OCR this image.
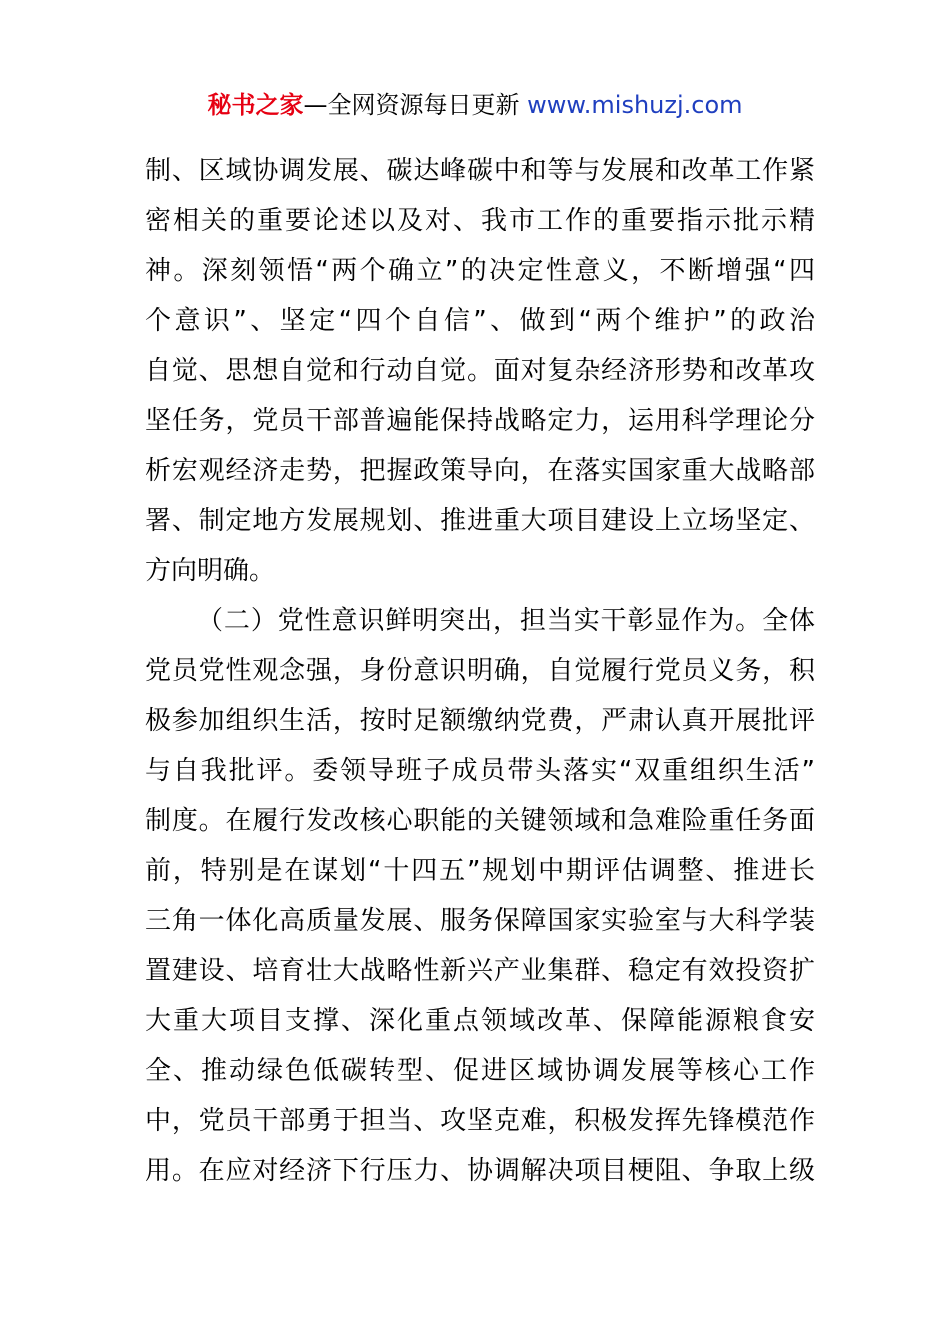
秘书之家—全网资源每日更新 www.mishuzj.com
制、区域协调发展、碳达峰碳中和等与发展和改革工作紧
密相关的重要论述以及对、我市工作的重要指示批示精
神。深刻领悟“两个确立”的决定性意义，不断增强“四
个意识”、坚定“四个自信”、做到“两个维护”的政治
自觉、思想自觉和行动自觉。面对复杂经济形势和改革攻
坚任务，党员干部普遍能保持战略定力，运用科学理论分
析宏观经济走势，把握政策导向，在落实国家重大战略部
署、制定地方发展规划、推进重大项目建设上立场坚定、
方向明确。
（二）党性意识鲜明突出，担当实干彰显作为。全体
党员党性观念强，身份意识明确，自觉履行党员义务，积
极参加组织生活，按时足额缴纳党费，严肃认真开展批评
与自我批评。委领导班子成员带头落实“双重组织生活”
制度。在履行发改核心职能的关键领域和急难险重任务面
前，特别是在谋划“十四五”规划中期评估调整、推进长
三角一体化高质量发展、服务保障国家实验室与大科学装
置建设、培育壮大战略性新兴产业集群、稳定有效投资扩
大重大项目支撑、深化重点领域改革、保障能源粮食安
全、推动绿色低碳转型、促进区域协调发展等核心工作
中，党员干部勇于担当、攻坚克难，积极发挥先锋模范作
用。在应对经济下行压力、协调解决项目梗阻、争取上级
